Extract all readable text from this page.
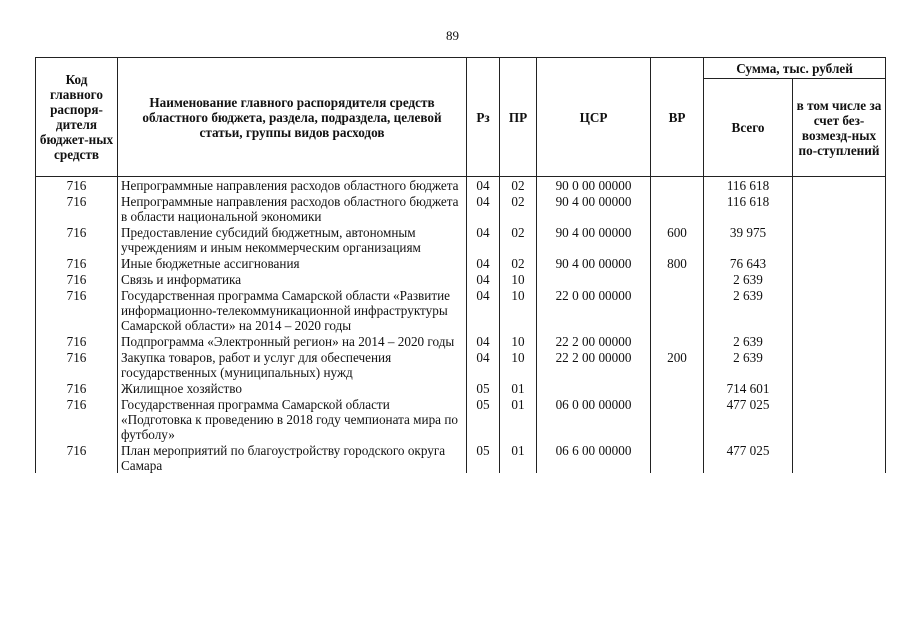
89
Код главного распоря-дителя бюджет-ных средств	Наименование главного распорядителя средств областного бюджета, раздела, подраздела, целевой статьи, группы видов расходов	Рз	ПР	ЦСР	ВР	Сумма, тыс. рублей	
						Всего	в том числе за счет без-возмезд-ных по-ступлений
716	Непрограммные направления расходов областного бюджета	04	02	90 0 00 00000		116 618	
716	Непрограммные направления расходов областного бюджета в области национальной экономики	04	02	90 4 00 00000		116 618	
716	Предоставление субсидий бюджетным, автономным учреждениям и иным некоммерческим организациям	04	02	90 4 00 00000	600	39 975	
716	Иные бюджетные ассигнования	04	02	90 4 00 00000	800	76 643	
716	Связь и информатика	04	10			2 639	
716	Государственная программа Самарской области «Развитие информационно-телекоммуникационной инфраструктуры Самарской области» на 2014 – 2020 годы	04	10	22 0 00 00000		2 639	
716	Подпрограмма «Электронный регион» на 2014 – 2020 годы	04	10	22 2 00 00000		2 639	
716	Закупка товаров, работ и услуг для обеспечения государственных (муниципальных) нужд	04	10	22 2 00 00000	200	2 639	
716	Жилищное хозяйство	05	01			714 601	
716	Государственная программа Самарской области «Подготовка к проведению в 2018 году чемпионата мира по футболу»	05	01	06 0 00 00000		477 025	
716	План мероприятий по благоустройству городского округа Самара	05	01	06 6 00 00000		477 025	
